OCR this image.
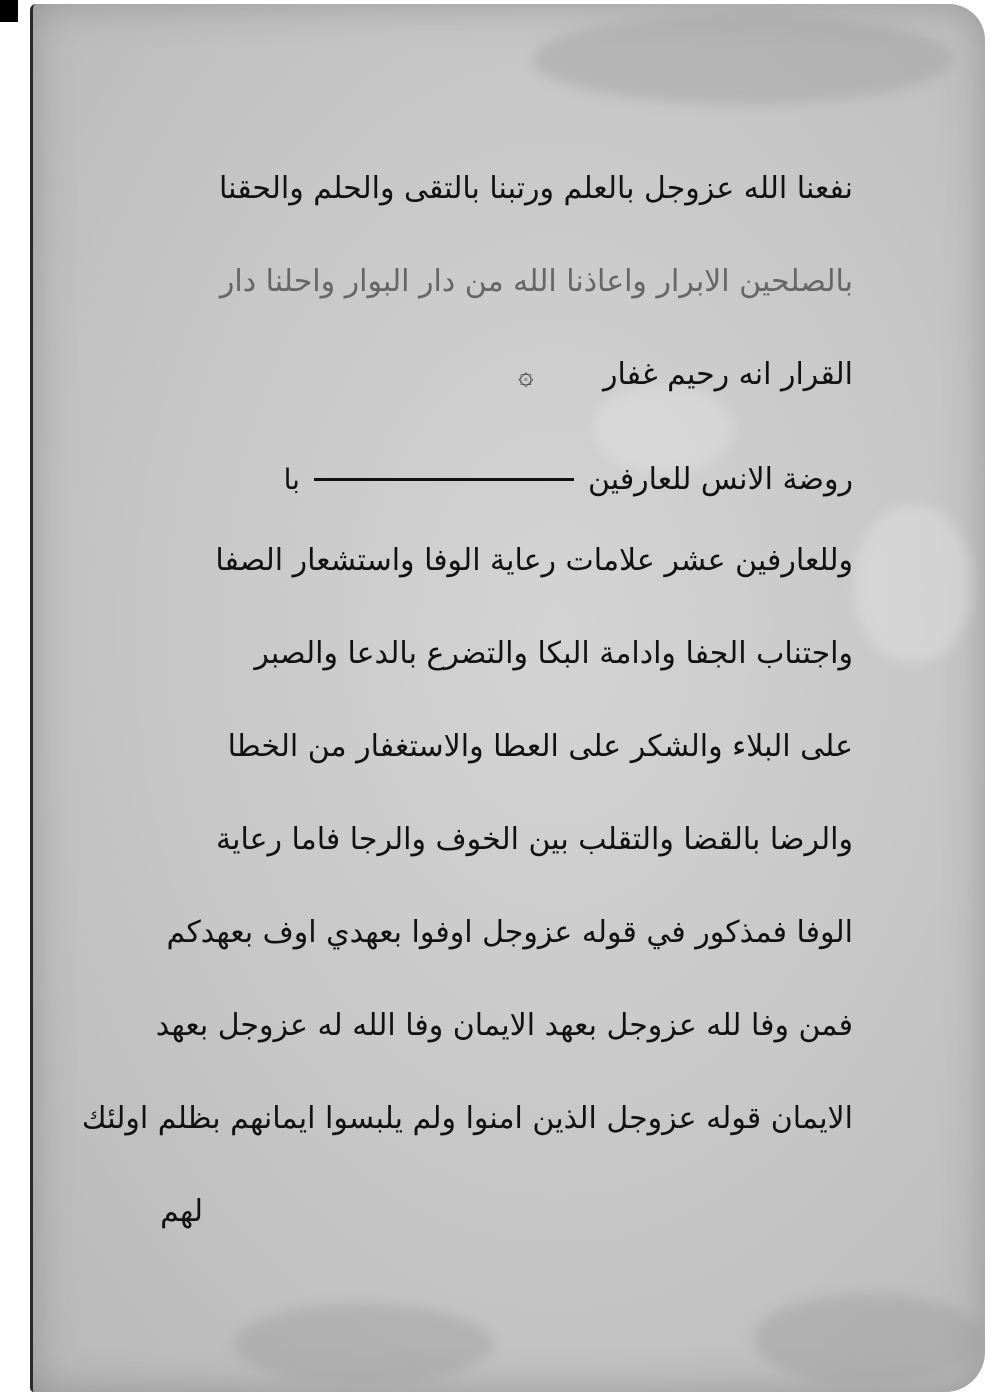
نفعنا الله عزوجل بالعلم ورتبنا بالتقى والحلم والحقنا
بالصلحين الابرار واعاذنا الله من دار البوار واحلنا دار
القرار انه رحيم غفار ۞
روضة الانس للعارفين
با
وللعارفين عشر علامات رعاية الوفا واستشعار الصفا
واجتناب الجفا وادامة البكا والتضرع بالدعا والصبر
على البلاء والشكر على العطا والاستغفار من الخطا
والرضا بالقضا والتقلب بين الخوف والرجا فاما رعاية
الوفا فمذكور في قوله عزوجل اوفوا بعهدي اوف بعهدكم
فمن وفا لله عزوجل بعهد الايمان وفا الله له عزوجل بعهد
الايمان قوله عزوجل الذين امنوا ولم يلبسوا ايمانهم بظلم اولئك
لهم
